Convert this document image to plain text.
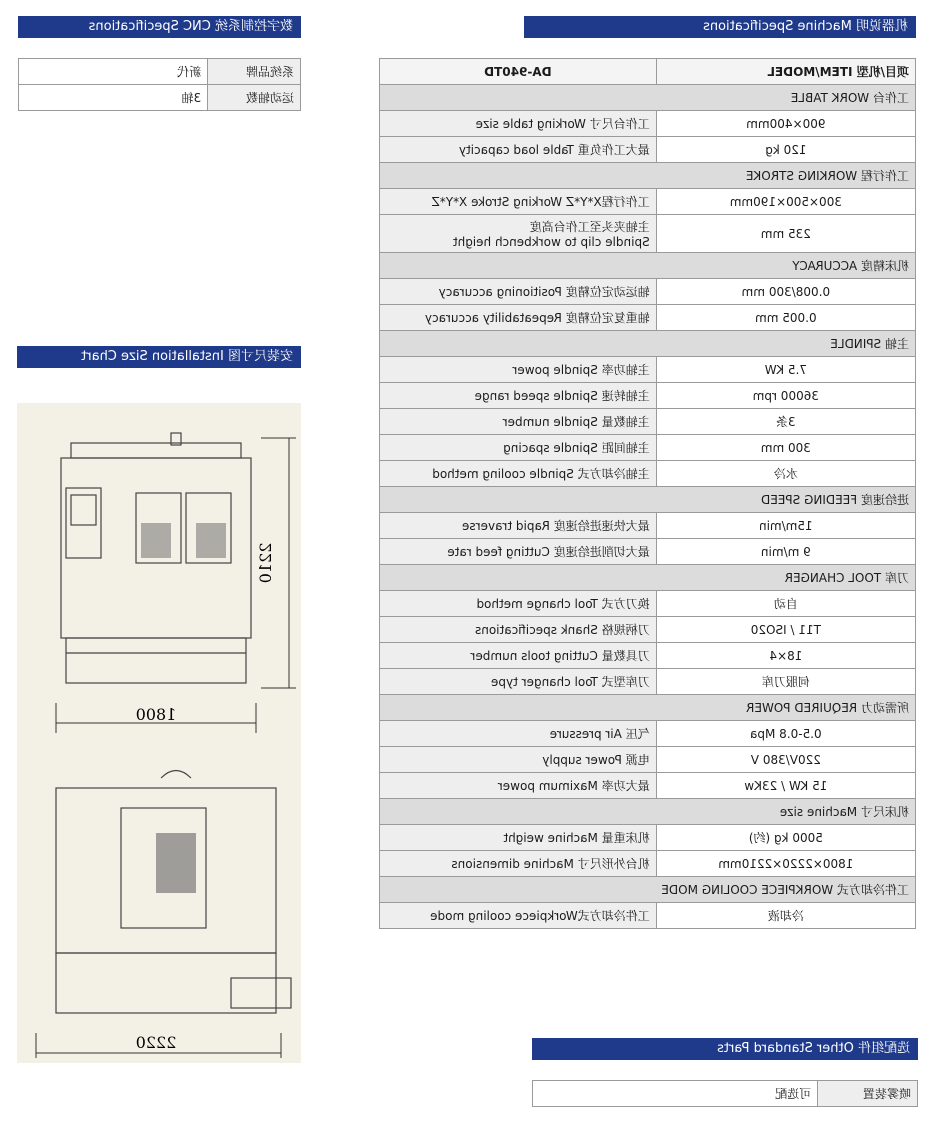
数字控制系统 CNC Specifications
系统品牌	新代
运动轴数	3轴
机器说明 Machine Specifications
项目/机型 ITEM/MODEL	DA-940TD
工作台 WORK TABLE	
900×400mm	工作台尺寸 Working table size
120 kg	最大工作负重 Table load capacity
工作行程 WORKING STROKE	
300×500×190mm	工作行程X*Y*Z Working Stroke X*Y*Z
235 mm	主轴夹头至工作台高度
Spindle clip to workbench height

机床精度 ACCURACY	
0.008/300 mm	轴运动定位精度 Positioning accuracy
0.005 mm	轴重复定位精度 Repeatability accuracy
主轴 SPINDLE	
7.5 KW	主轴功率 Spindle power
36000 rpm	主轴转速 Spindle speed range
3条	主轴数量 Spindle number
300 mm	主轴间距 Spindle spacing
水冷	主轴冷却方式 Spindle cooling method
进给速度 FEEDING SPEED	
15m/min	最大快速进给速度 Rapid traverse
9 m/min	最大切削进给速度 Cutting feed rate
刀库 TOOL CHANGER	
自动	换刀方式 Tool change method
T11 / ISO20	刀柄规格 Shank specifications
18×4	刀具数量 Cutting tools number
伺服刀库	刀库型式 Tool changer type
所需动力 REQUIRED POWER	
0.5-0.8 Mpa	气压 Air pressure
220V/380 V	电源 Power supply
15 KW / 23Kw	最大功率 Maximum power
机床尺寸 Machine size	
5000 kg (约)	机床重量 Machine weight
1800×2220×2210mm	机台外形尺寸 Machine dimensions
工件冷却方式 WORKPIECE COOLING MODE	
冷却液	工件冷却方式Workpiece cooling mode
安装尺寸图 Installation Size Chart
1800
2210
2220	选配组件 Other Standard Parts
喷雾装置	可选配
